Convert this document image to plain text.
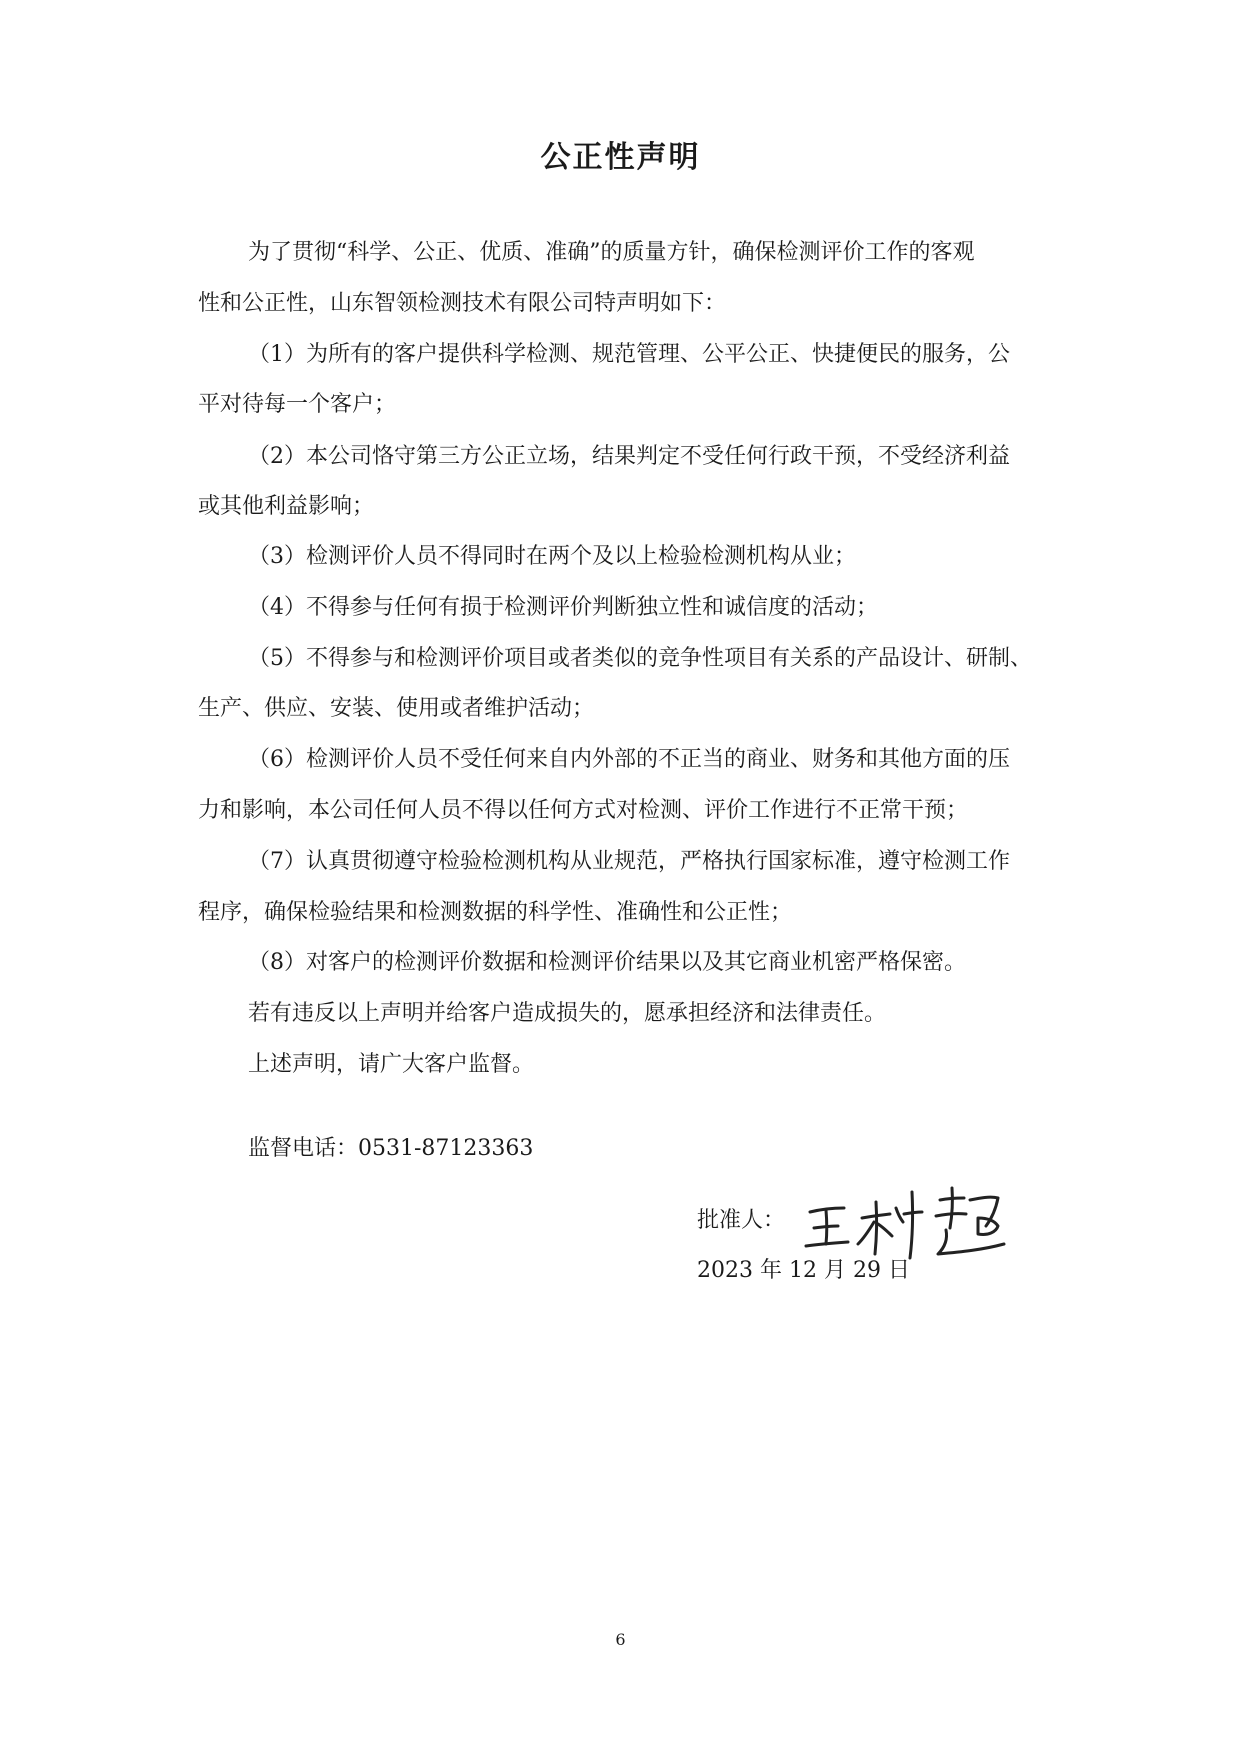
公正性声明
为了贯彻“科学、公正、优质、准确”的质量方针，确保检测评价工作的客观
性和公正性，山东智领检测技术有限公司特声明如下：
（1）为所有的客户提供科学检测、规范管理、公平公正、快捷便民的服务，公
平对待每一个客户；
（2）本公司恪守第三方公正立场，结果判定不受任何行政干预，不受经济利益
或其他利益影响；
（3）检测评价人员不得同时在两个及以上检验检测机构从业；
（4）不得参与任何有损于检测评价判断独立性和诚信度的活动；
（5）不得参与和检测评价项目或者类似的竞争性项目有关系的产品设计、研制、
生产、供应、安装、使用或者维护活动；
（6）检测评价人员不受任何来自内外部的不正当的商业、财务和其他方面的压
力和影响，本公司任何人员不得以任何方式对检测、评价工作进行不正常干预；
（7）认真贯彻遵守检验检测机构从业规范，严格执行国家标准，遵守检测工作
程序，确保检验结果和检测数据的科学性、准确性和公正性；
（8）对客户的检测评价数据和检测评价结果以及其它商业机密严格保密。
若有违反以上声明并给客户造成损失的，愿承担经济和法律责任。
上述声明，请广大客户监督。
监督电话：0531-87123363
批准人：
2023 年 12 月 29 日
6
